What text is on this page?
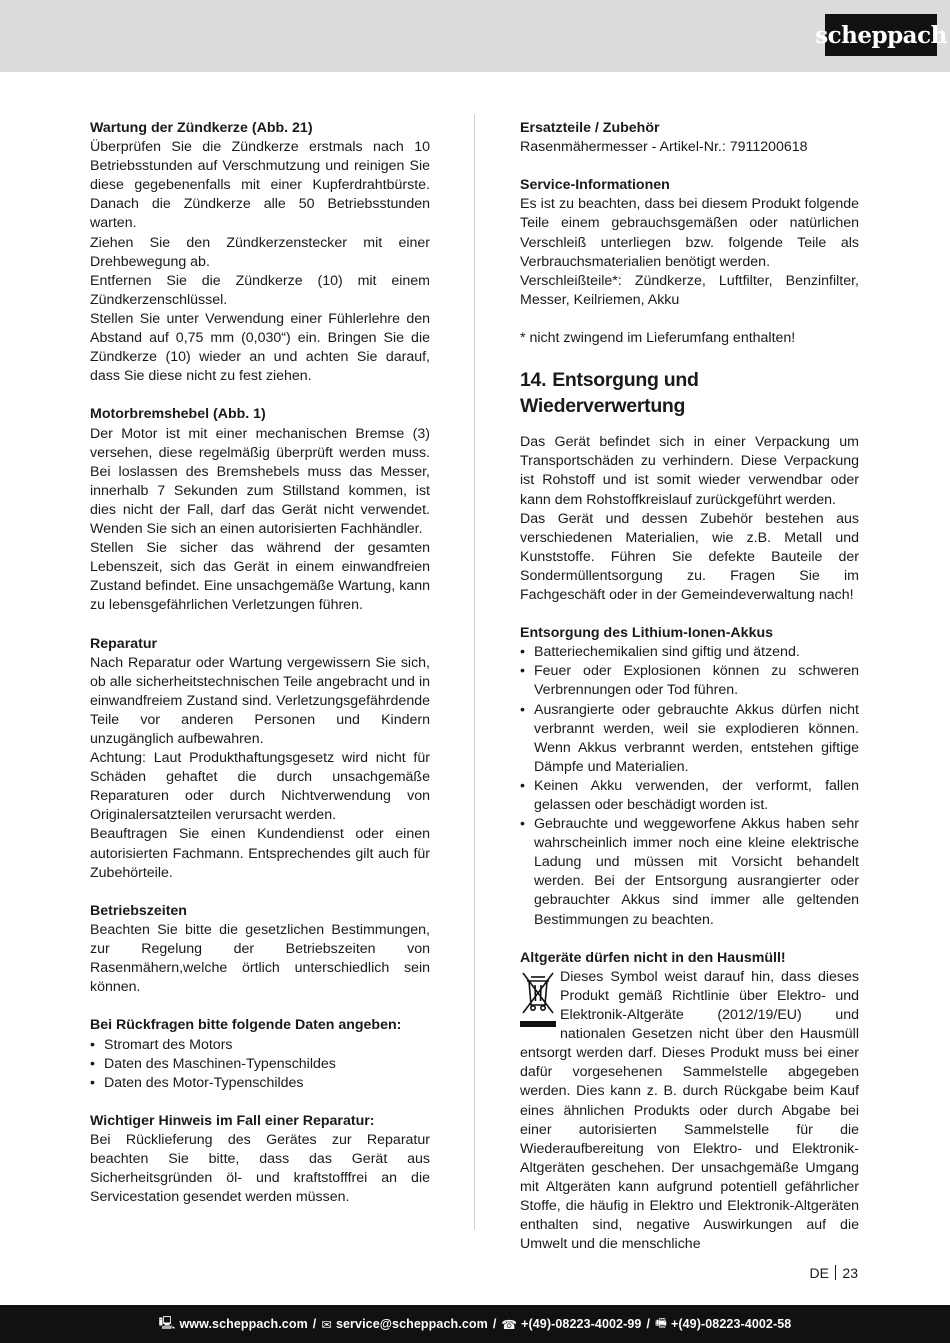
scheppach
Wartung der Zündkerze (Abb. 21)

Überprüfen Sie die Zündkerze erstmals nach 10 Betriebsstunden auf Verschmutzung und reinigen Sie diese gegebenenfalls mit einer Kupferdrahtbürste. Danach die Zündkerze alle 50 Betriebsstunden warten.

Ziehen Sie den Zündkerzenstecker mit einer Drehbewegung ab.

Entfernen Sie die Zündkerze (10) mit einem Zündkerzenschlüssel.

Stellen Sie unter Verwendung einer Fühlerlehre den Abstand auf 0,75 mm (0,030“) ein. Bringen Sie die Zündkerze (10) wieder an und achten Sie darauf, dass Sie diese nicht zu fest ziehen.

Motorbremshebel (Abb. 1)

Der Motor ist mit einer mechanischen Bremse (3) versehen, diese regelmäßig überprüft werden muss. Bei loslassen des Bremshebels muss das Messer, innerhalb 7 Sekunden zum Stillstand kommen, ist dies nicht der Fall, darf das Gerät nicht verwendet. Wenden Sie sich an einen autorisierten Fachhändler.

Stellen Sie sicher das während der gesamten Lebenszeit, sich das Gerät in einem einwandfreien Zustand befindet. Eine unsachgemäße Wartung, kann zu lebensgefährlichen Verletzungen führen.

Reparatur

Nach Reparatur oder Wartung vergewissern Sie sich, ob alle sicherheitstechnischen Teile angebracht und in einwandfreiem Zustand sind. Verletzungsgefährdende Teile vor anderen Personen und Kindern unzugänglich aufbewahren.

Achtung: Laut Produkthaftungsgesetz wird nicht für Schäden gehaftet die durch unsachgemäße Reparaturen oder durch Nichtverwendung von Originalersatzteilen verursacht werden.

Beauftragen Sie einen Kundendienst oder einen autorisierten Fachmann. Entsprechendes gilt auch für Zubehörteile.

Betriebszeiten

Beachten Sie bitte die gesetzlichen Bestimmungen, zur Regelung der Betriebszeiten von Rasenmähern,welche örtlich unterschiedlich sein können.

Bei Rückfragen bitte folgende Daten angeben:
• Stromart des Motors
• Daten des Maschinen-Typenschildes
• Daten des Motor-Typenschildes
Wichtiger Hinweis im Fall einer Reparatur:

Bei Rücklieferung des Gerätes zur Reparatur beachten Sie bitte, dass das Gerät aus Sicherheitsgründen öl- und kraftstofffrei an die Servicestation gesendet werden müssen.

Ersatzteile / Zubehör

Rasenmähermesser - Artikel-Nr.: 7911200618

Service-Informationen

Es ist zu beachten, dass bei diesem Produkt folgende Teile einem gebrauchsgemäßen oder natürlichen Verschleiß unterliegen bzw. folgende Teile als Verbrauchsmaterialien benötigt werden.

Verschleißteile*: Zündkerze, Luftfilter, Benzinfilter, Messer, Keilriemen, Akku

* nicht zwingend im Lieferumfang enthalten!

14. Entsorgung und Wiederverwertung

Das Gerät befindet sich in einer Verpackung um Transportschäden zu verhindern. Diese Verpackung ist Rohstoff und ist somit wieder verwendbar oder kann dem Rohstoffkreislauf zurückgeführt werden.

Das Gerät und dessen Zubehör bestehen aus verschiedenen Materialien, wie z.B. Metall und Kunststoffe. Führen Sie defekte Bauteile der Sondermüllentsorgung zu. Fragen Sie im Fachgeschäft oder in der Gemeindeverwaltung nach!

Entsorgung des Lithium-Ionen-Akkus
• Batteriechemikalien sind giftig und ätzend.
• Feuer oder Explosionen können zu schweren Verbrennungen oder Tod führen.
• Ausrangierte oder gebrauchte Akkus dürfen nicht verbrannt werden, weil sie explodieren können. Wenn Akkus verbrannt werden, entstehen giftige Dämpfe und Materialien.
• Keinen Akku verwenden, der verformt, fallen gelassen oder beschädigt worden ist.
• Gebrauchte und weggeworfene Akkus haben sehr wahrscheinlich immer noch eine kleine elektrische Ladung und müssen mit Vorsicht behandelt werden. Bei der Entsorgung ausrangierter oder gebrauchter Akkus sind immer alle geltenden Bestimmungen zu beachten.
Altgeräte dürfen nicht in den Hausmüll!

Dieses Symbol weist darauf hin, dass dieses Produkt gemäß Richtlinie über Elektro- und Elektronik-Altgeräte (2012/19/EU) und nationalen Gesetzen nicht über den Hausmüll entsorgt werden darf. Dieses Produkt muss bei einer dafür vorgesehenen Sammelstelle abgegeben werden. Dies kann z. B. durch Rückgabe beim Kauf eines ähnlichen Produkts oder durch Abgabe bei einer autorisierten Sammelstelle für die Wiederaufbereitung von Elektro- und Elektronik-Altgeräten geschehen. Der unsachgemäße Umgang mit Altgeräten kann aufgrund potentiell gefährlicher Stoffe, die häufig in Elektro und Elektronik-Altgeräten enthalten sind, negative Auswirkungen auf die Umwelt und die menschliche

DE 23
🖳 www.scheppach.com / ✉ service@scheppach.com / ☎ +(49)-08223-4002-99 / 🖷 +(49)-08223-4002-58
